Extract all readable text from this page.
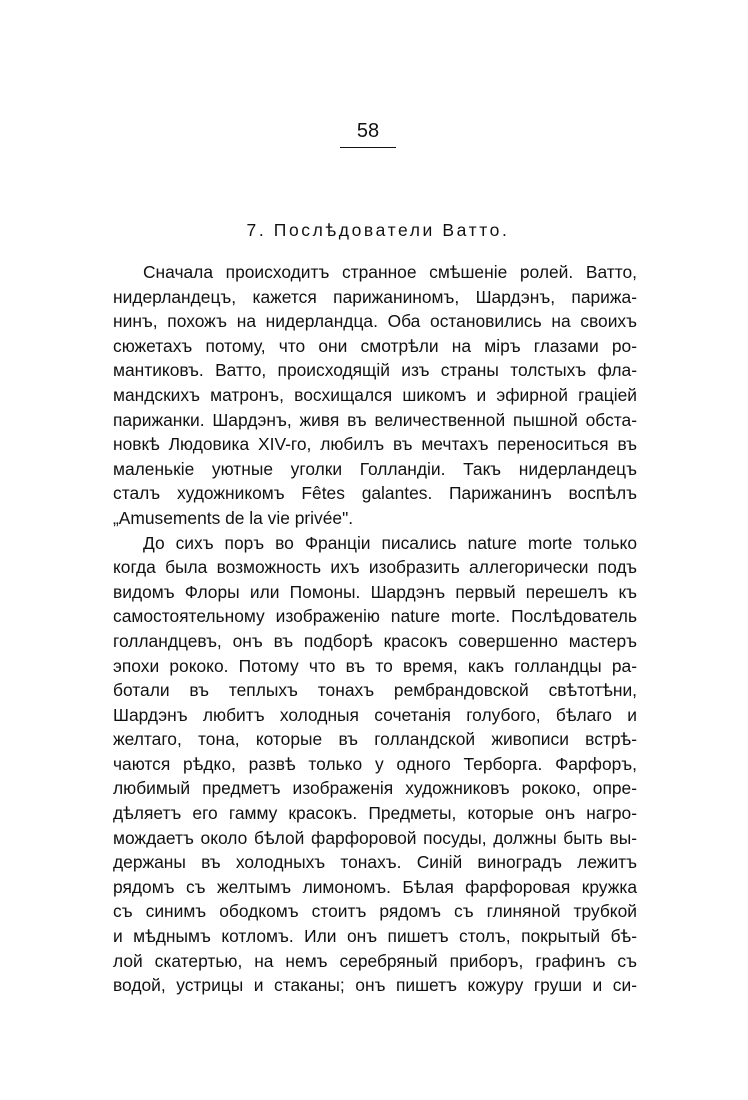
58
7. Послѣдователи Ватто.
Сначала происходитъ странное смѣшеніе ролей. Ватто,
нидерландецъ, кажется парижаниномъ, Шардэнъ, парижа-
нинъ, похожъ на нидерландца. Оба остановились на своихъ
сюжетахъ потому, что они смотрѣли на міръ глазами ро-
мантиковъ. Ватто, происходящій изъ страны толстыхъ фла-
мандскихъ матронъ, восхищался шикомъ и эфирной граціей
парижанки. Шардэнъ, живя въ величественной пышной обста-
новкѣ Людовика XIV-го, любилъ въ мечтахъ переноситься въ
маленькіе уютные уголки Голландіи. Такъ нидерландецъ
сталъ художникомъ Fêtes galantes. Парижанинъ воспѣлъ
„Amusements de la vie privée".
До сихъ поръ во Франціи писались nature morte только
когда была возможность ихъ изобразить аллегорически подъ
видомъ Флоры или Помоны. Шардэнъ первый перешелъ къ
самостоятельному изображенію nature morte. Послѣдователь
голландцевъ, онъ въ подборѣ красокъ совершенно мастеръ
эпохи рококо. Потому что въ то время, какъ голландцы ра-
ботали въ теплыхъ тонахъ рембрандовской свѣтотѣни,
Шардэнъ любитъ холодныя сочетанія голубого, бѣлаго и
желтаго, тона, которые въ голландской живописи встрѣ-
чаются рѣдко, развѣ только у одного Терборга. Фарфоръ,
любимый предметъ изображенія художниковъ рококо, опре-
дѣляетъ его гамму красокъ. Предметы, которые онъ нагро-
мождаетъ около бѣлой фарфоровой посуды, должны быть вы-
держаны въ холодныхъ тонахъ. Синій виноградъ лежитъ
рядомъ съ желтымъ лимономъ. Бѣлая фарфоровая кружка
съ синимъ ободкомъ стоитъ рядомъ съ глиняной трубкой
и мѣднымъ котломъ. Или онъ пишетъ столъ, покрытый бѣ-
лой скатертью, на немъ серебряный приборъ, графинъ съ
водой, устрицы и стаканы; онъ пишетъ кожуру груши и си-
